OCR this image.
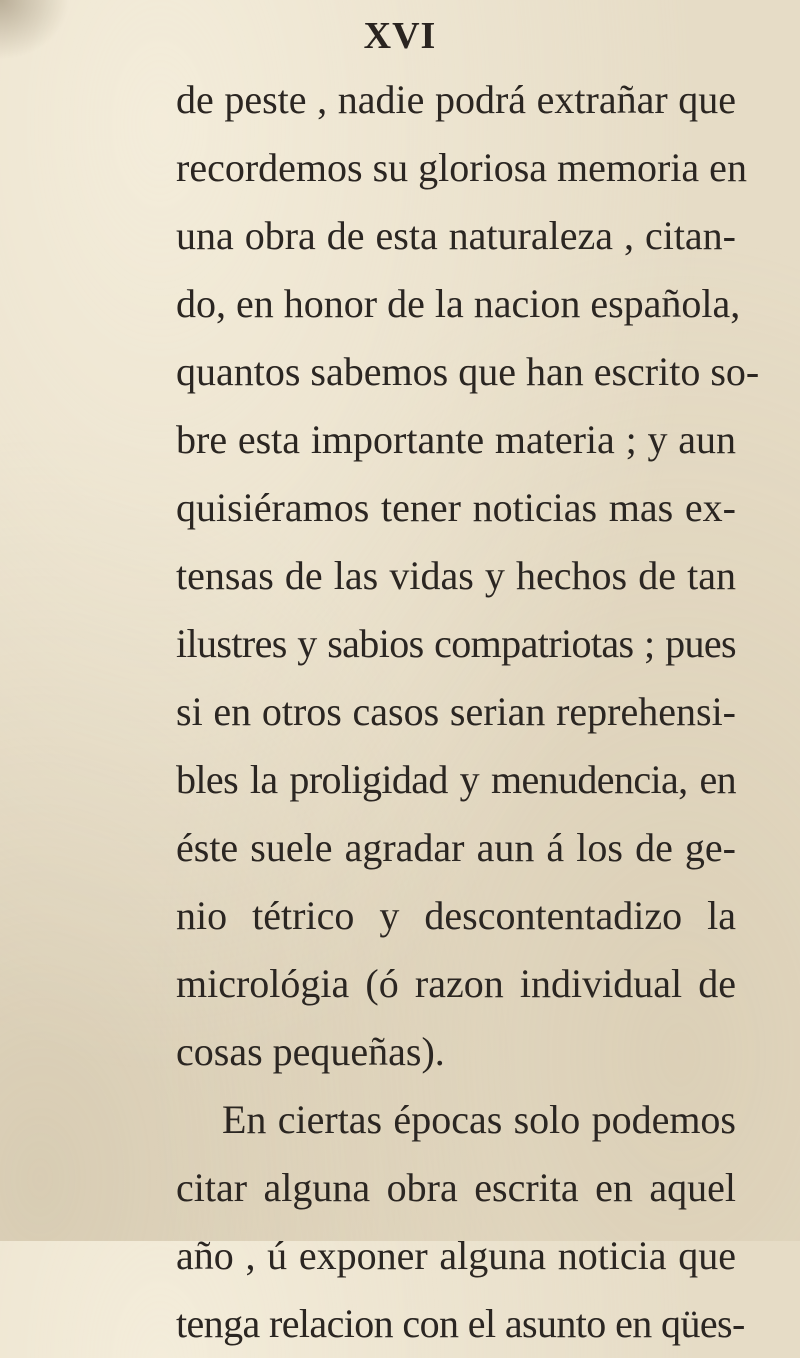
XVI
de peste , nadie podrá extrañar que
recordemos su gloriosa memoria en
una obra de esta naturaleza , citan-
do, en honor de la nacion española,
quantos sabemos que han escrito so-
bre esta importante materia ; y aun
quisiéramos tener noticias mas ex-
tensas de las vidas y hechos de tan
ilustres y sabios compatriotas ; pues
si en otros casos serian reprehensi-
bles la proligidad y menudencia, en
éste suele agradar aun á los de ge-
nio tétrico y descontentadizo la
micrológia (ó razon individual de
cosas pequeñas).
En ciertas épocas solo podemos
citar alguna obra escrita en aquel
año , ú exponer alguna noticia que
tenga relacion con el asunto en qües-
